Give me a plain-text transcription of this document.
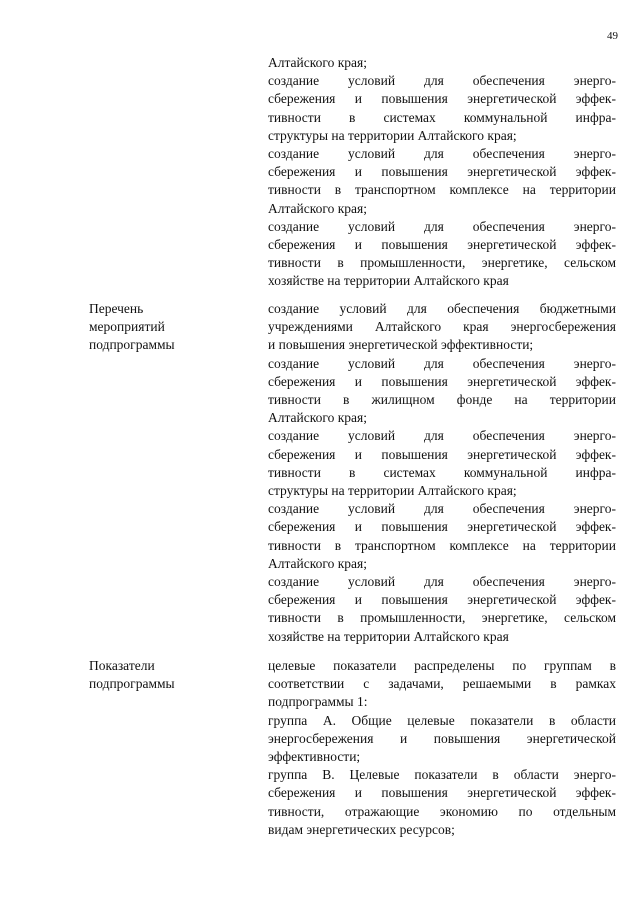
49
Алтайского края;
создание условий для обеспечения энерго-
сбережения и повышения энергетической эффек-
тивности в системах коммунальной инфра-
структуры на территории Алтайского края;
создание условий для обеспечения энерго-
сбережения и повышения энергетической эффек-
тивности в транспортном комплексе на территории
Алтайского края;
создание условий для обеспечения энерго-
сбережения и повышения энергетической эффек-
тивности в промышленности, энергетике, сельском
хозяйстве на территории Алтайского края
Перечень
мероприятий
подпрограммы
создание условий для обеспечения бюджетными
учреждениями Алтайского края энергосбережения
и повышения энергетической эффективности;
создание условий для обеспечения энерго-
сбережения и повышения энергетической эффек-
тивности в жилищном фонде на территории
Алтайского края;
создание условий для обеспечения энерго-
сбережения и повышения энергетической эффек-
тивности в системах коммунальной инфра-
структуры на территории Алтайского края;
создание условий для обеспечения энерго-
сбережения и повышения энергетической эффек-
тивности в транспортном комплексе на территории
Алтайского края;
создание условий для обеспечения энерго-
сбережения и повышения энергетической эффек-
тивности в промышленности, энергетике, сельском
хозяйстве на территории Алтайского края
Показатели
подпрограммы
целевые показатели распределены по группам в
соответствии с задачами, решаемыми в рамках
подпрограммы 1:
группа А. Общие целевые показатели в области
энергосбережения и повышения энергетической
эффективности;
группа В. Целевые показатели в области энерго-
сбережения и повышения энергетической эффек-
тивности, отражающие экономию по отдельным
видам энергетических ресурсов;
